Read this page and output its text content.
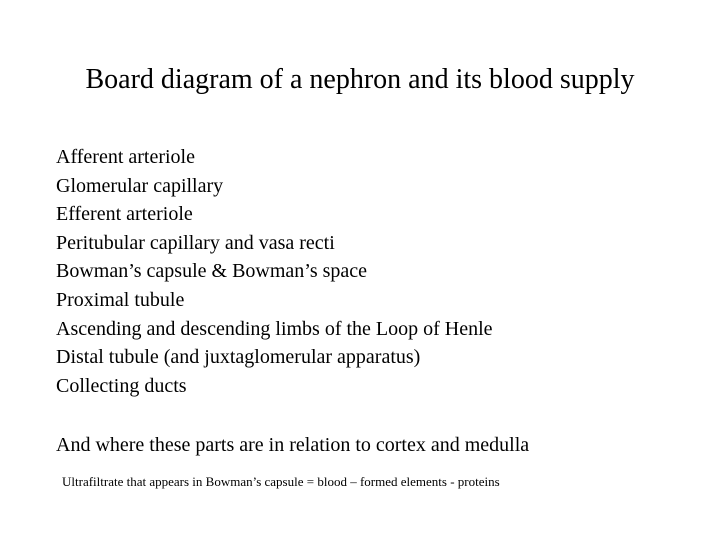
Board diagram of a nephron and its blood supply
Afferent arteriole
Glomerular capillary
Efferent arteriole
Peritubular capillary and vasa recti
Bowman’s capsule & Bowman’s space
Proximal tubule
Ascending and descending limbs of the Loop of Henle
Distal tubule (and juxtaglomerular apparatus)
Collecting ducts

And where these parts are in relation to cortex and medulla

Ultrafiltrate that appears in Bowman’s capsule = blood – formed elements - proteins
